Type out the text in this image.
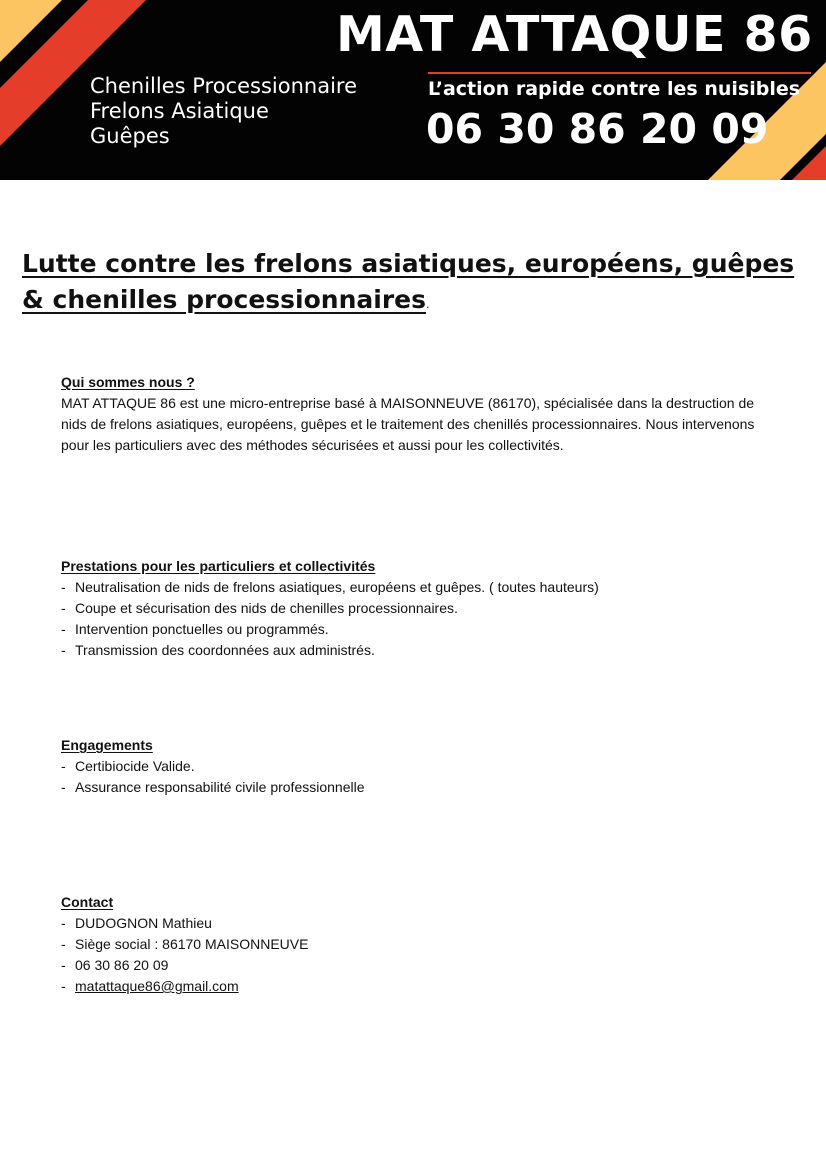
Chenilles Processionnaire
Frelons Asiatique
Guêpes
MAT ATTAQUE 86
L’action rapide contre les nuisibles
06 30 86 20 09
Lutte contre les frelons asiatiques, européens, guêpes & chenilles processionnaires.
Qui sommes nous ?

MAT ATTAQUE 86 est une micro-entreprise basé à MAISONNEUVE (86170), spécialisée dans la destruction de nids de frelons asiatiques, européens, guêpes et le traitement des chenillés processionnaires. Nous intervenons pour les particuliers avec des méthodes sécurisées et aussi pour les collectivités.

Prestations pour les particuliers et collectivités
- Neutralisation de nids de frelons asiatiques, européens et guêpes. ( toutes hauteurs)
- Coupe et sécurisation des nids de chenilles processionnaires.
- Intervention ponctuelles ou programmés.
- Transmission des coordonnées aux administrés.
Engagements
- Certibiocide Valide.
- Assurance responsabilité civile professionnelle
Contact
- DUDOGNON Mathieu
- Siège social : 86170 MAISONNEUVE
- 06 30 86 20 09
- matattaque86@gmail.com
